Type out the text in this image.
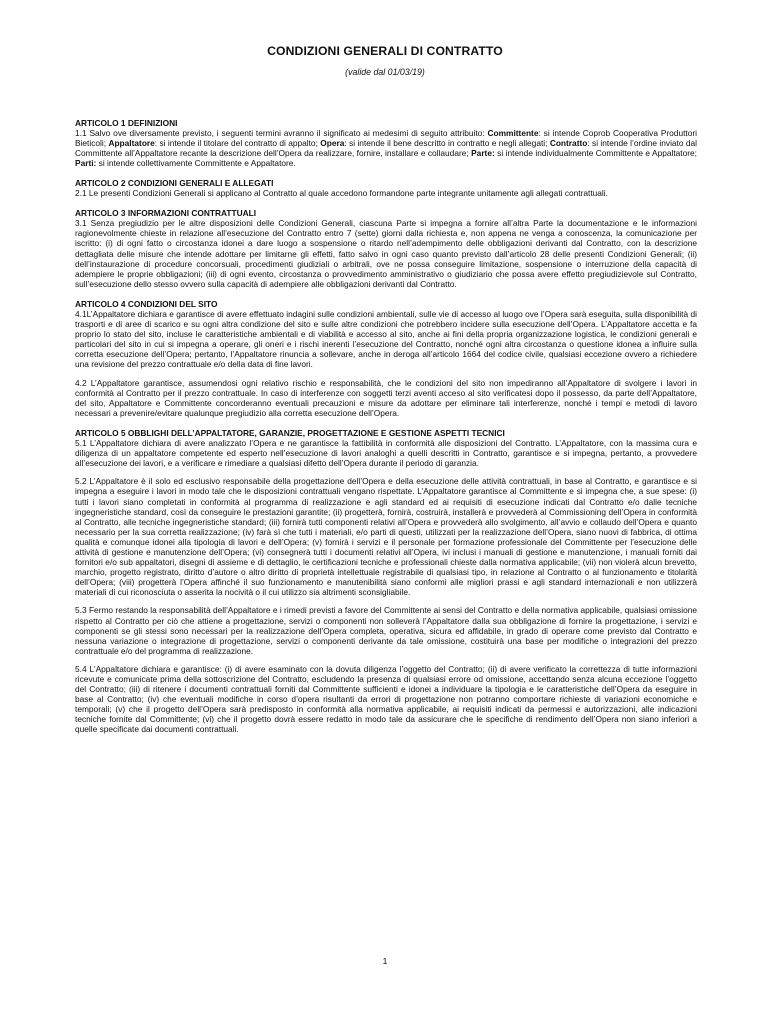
CONDIZIONI GENERALI DI CONTRATTO
(valide dal 01/03/19)

ARTICOLO 1 DEFINIZIONI

1.1 Salvo ove diversamente previsto, i seguenti termini avranno il significato ai medesimi di seguito attribuito: Committente: si intende Coprob Cooperativa Produttori Bieticoli; Appaltatore: si intende il titolare del contratto di appalto; Opera: si intende il bene descritto in contratto e negli allegati; Contratto: si intende l’ordine inviato dal Committente all’Appaltatore recante la descrizione dell’Opera da realizzare, fornire, installare e collaudare; Parte: si intende individualmente Committente e Appaltatore; Parti: si intende collettivamente Committente e Appaltatore.

ARTICOLO 2 CONDIZIONI GENERALI E ALLEGATI

2.1 Le presenti Condizioni Generali si applicano al Contratto al quale accedono formandone parte integrante unitamente agli allegati contrattuali.

ARTICOLO 3 INFORMAZIONI CONTRATTUALI

3.1 Senza pregiudizio per le altre disposizioni delle Condizioni Generali, ciascuna Parte si impegna a fornire all’altra Parte la documentazione e le informazioni ragionevolmente chieste in relazione all’esecuzione del Contratto entro 7 (sette) giorni dalla richiesta e, non appena ne venga a conoscenza, la comunicazione per iscritto: (i) di ogni fatto o circostanza idonei a dare luogo a sospensione o ritardo nell’adempimento delle obbligazioni derivanti dal Contratto, con la descrizione dettagliata delle misure che intende adottare per limitarne gli effetti, fatto salvo in ogni caso quanto previsto dall’articolo 28 delle presenti Condizioni Generali; (ii) dell’instaurazione di procedure concorsuali, procedimenti giudiziali o arbitrali, ove ne possa conseguire limitazione, sospensione o interruzione della capacità di adempiere le proprie obbligazioni; (iii) di ogni evento, circostanza o provvedimento amministrativo o giudiziario che possa avere effetto pregiudizievole sul Contratto, sull’esecuzione dello stesso ovvero sulla capacità di adempiere alle obbligazioni derivanti dal Contratto.

ARTICOLO 4 CONDIZIONI DEL SITO

4.1L’Appaltatore dichiara e garantisce di avere effettuato indagini sulle condizioni ambientali, sulle vie di accesso al luogo ove l’Opera sarà eseguita, sulla disponibilità di trasporti e di aree di scarico e su ogni altra condizione del sito e sulle altre condizioni che potrebbero incidere sulla esecuzione dell’Opera. L’Appaltatore accetta e fa proprio lo stato del sito, incluse le caratteristiche ambientali e di viabilità e accesso al sito, anche ai fini della propria organizzazione logistica, le condizioni generali e particolari del sito in cui si impegna a operare, gli oneri e i rischi inerenti l’esecuzione del Contratto, nonché ogni altra circostanza o questione idonea a influire sulla corretta esecuzione dell’Opera; pertanto, l’Appaltatore rinuncia a sollevare, anche in deroga all’articolo 1664 del codice civile, qualsiasi eccezione ovvero a richiedere una revisione del prezzo contrattuale e/o della data di fine lavori.

4.2 L’Appaltatore garantisce, assumendosi ogni relativo rischio e responsabilità, che le condizioni del sito non impediranno all’Appaltatore di svolgere i lavori in conformità al Contratto per il prezzo contrattuale. In caso di interferenze con soggetti terzi aventi acceso al sito verificatesi dopo il possesso, da parte dell’Appaltatore, del sito, Appaltatore e Committente concorderanno eventuali precauzioni e misure da adottare per eliminare tali interferenze, nonché i tempi e metodi di lavoro necessari a prevenire/evitare qualunque pregiudizio alla corretta esecuzione dell’Opera.

ARTICOLO 5 OBBLIGHI DELL’APPALTATORE, GARANZIE, PROGETTAZIONE E GESTIONE ASPETTI TECNICI

5.1 L’Appaltatore dichiara di avere analizzato l’Opera e ne garantisce la fattibilità in conformità alle disposizioni del Contratto. L’Appaltatore, con la massima cura e diligenza di un appaltatore competente ed esperto nell’esecuzione di lavori analoghi a quelli descritti in Contratto, garantisce e si impegna, pertanto, a provvedere all’esecuzione dei lavori, e a verificare e rimediare a qualsiasi difetto dell’Opera durante il periodo di garanzia.

5.2 L’Appaltatore è il solo ed esclusivo responsabile della progettazione dell’Opera e della esecuzione delle attività contrattuali, in base al Contratto, e garantisce e si impegna a eseguire i lavori in modo tale che le disposizioni contrattuali vengano rispettate. L’Appaltatore garantisce al Committente e si impegna che, a sue spese: (i) tutti i lavori siano completati in conformità al programma di realizzazione e agli standard ed ai requisiti di esecuzione indicati dal Contratto e/o dalle tecniche ingegneristiche standard, così da conseguire le prestazioni garantite; (ii) progetterà, fornirà, costruirà, installerà e provvederà al Commissioning dell’Opera in conformità al Contratto, alle tecniche ingegneristiche standard; (iii) fornirà tutti componenti relativi all’Opera e provvederà allo svolgimento, all’avvio e collaudo dell’Opera e quanto necessario per la sua corretta realizzazione; (iv) farà sì che tutti i materiali, e/o parti di questi, utilizzati per la realizzazione dell’Opera, siano nuovi di fabbrica, di ottima qualità e comunque idonei alla tipologia di lavori e dell’Opera; (v) fornirà i servizi e il personale per formazione professionale del Committente per l’esecuzione delle attività di gestione e manutenzione dell’Opera; (vi) consegnerà tutti i documenti relativi all’Opera, ivi inclusi i manuali di gestione e manutenzione, i manuali forniti dai fornitori e/o sub appaltatori, disegni di assieme e di dettaglio, le certificazioni tecniche e professionali chieste dalla normativa applicabile; (vii) non violerà alcun brevetto, marchio, progetto registrato, diritto d’autore o altro diritto di proprietà intellettuale registrabile di qualsiasi tipo, in relazione al Contratto o al funzionamento e titolarità dell’Opera; (viii) progetterà l’Opera affinché il suo funzionamento e manutenibilità siano conformi alle migliori prassi e agli standard internazionali e non utilizzerà materiali di cui riconosciuta o asserita la nocività o il cui utilizzo sia altrimenti sconsigliabile.

5.3 Fermo restando la responsabilità dell’Appaltatore e i rimedi previsti a favore del Committente ai sensi del Contratto e della normativa applicabile, qualsiasi omissione rispetto al Contratto per ciò che attiene a progettazione, servizi o componenti non solleverà l’Appaltatore dalla sua obbligazione di fornire la progettazione, i servizi e componenti se gli stessi sono necessari per la realizzazione dell’Opera completa, operativa, sicura ed affidabile, in grado di operare come previsto dal Contratto e nessuna variazione o integrazione di progettazione, servizi o componenti derivante da tale omissione, costituirà una base per modifiche o integrazioni del prezzo contrattuale e/o del programma di realizzazione.

5.4 L’Appaltatore dichiara e garantisce: (i) di avere esaminato con la dovuta diligenza l’oggetto del Contratto; (ii) di avere verificato la correttezza di tutte informazioni ricevute e comunicate prima della sottoscrizione del Contratto, escludendo la presenza di qualsiasi errore od omissione, accettando senza alcuna eccezione l’oggetto del Contratto; (iii) di ritenere i documenti contrattuali forniti dal Committente sufficienti e idonei a individuare la tipologia e le caratteristiche dell’Opera da eseguire in base al Contratto; (iv) che eventuali modifiche in corso d’opera risultanti da errori di progettazione non potranno comportare richieste di variazioni economiche e temporali; (v) che il progetto dell’Opera sarà predisposto in conformità alla normativa applicabile, ai requisiti indicati da permessi e autorizzazioni, alle indicazioni tecniche fornite dal Committente; (vi) che il progetto dovrà essere redatto in modo tale da assicurare che le specifiche di rendimento dell’Opera non siano inferiori a quelle specificate dai documenti contrattuali.

1
